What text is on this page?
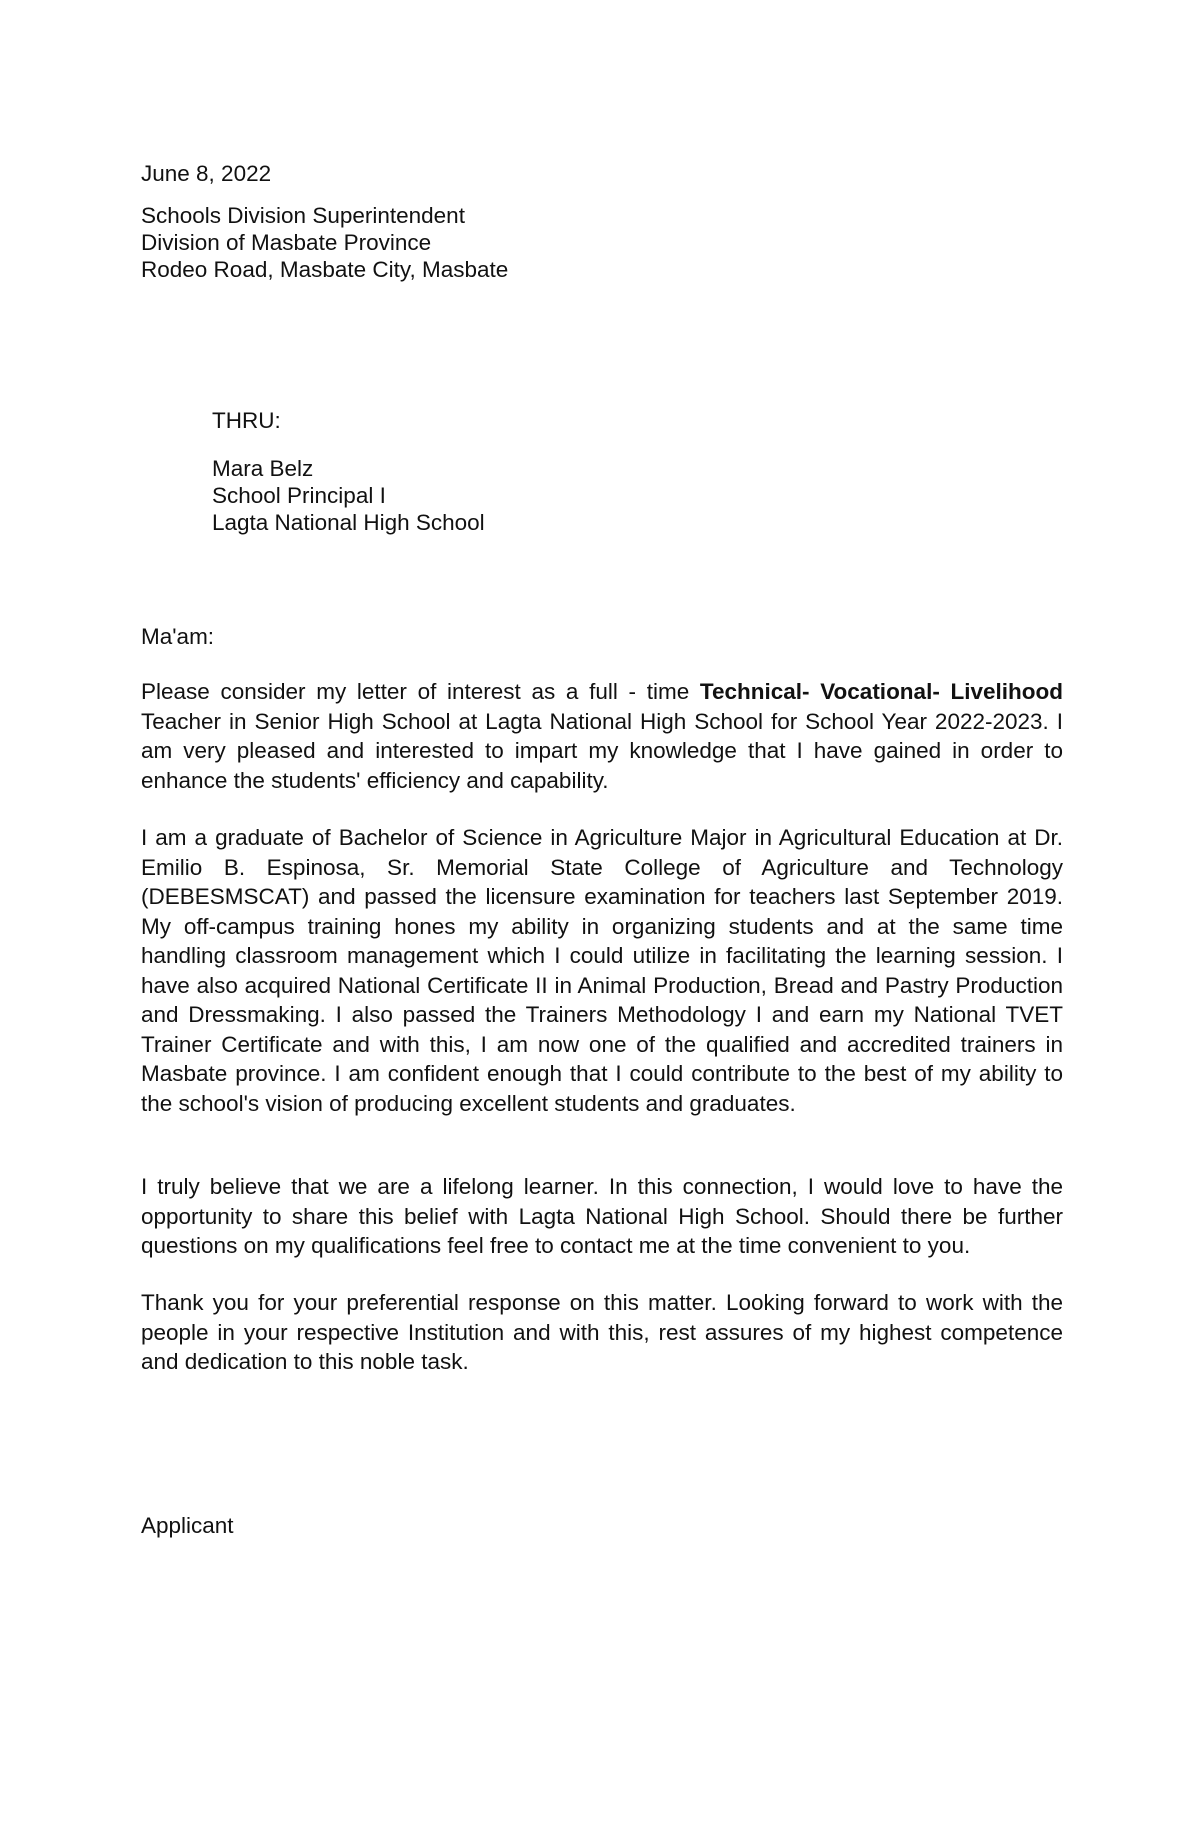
June 8, 2022
Schools Division Superintendent
Division of Masbate Province
Rodeo Road, Masbate City, Masbate
THRU:
Mara Belz
School Principal I
Lagta National High School
Ma'am:
Please consider my letter of interest as a full - time Technical- Vocational- Livelihood Teacher in Senior High School at Lagta National High School for School Year 2022-2023. I am very pleased and interested to impart my knowledge that I have gained in order to enhance the students' efficiency and capability.
I am a graduate of Bachelor of Science in Agriculture Major in Agricultural Education at Dr. Emilio B. Espinosa, Sr. Memorial State College of Agriculture and Technology (DEBESMSCAT) and passed the licensure examination for teachers last September 2019. My off-campus training hones my ability in organizing students and at the same time handling classroom management which I could utilize in facilitating the learning session. I have also acquired National Certificate II in Animal Production, Bread and Pastry Production and Dressmaking. I also passed the Trainers Methodology I and earn my National TVET Trainer Certificate and with this, I am now one of the qualified and accredited trainers in Masbate province. I am confident enough that I could contribute to the best of my ability to the school's vision of producing excellent students and graduates.
I truly believe that we are a lifelong learner. In this connection, I would love to have the opportunity to share this belief with Lagta National High School. Should there be further questions on my qualifications feel free to contact me at the time convenient to you.
Thank you for your preferential response on this matter. Looking forward to work with the people in your respective Institution and with this, rest assures of my highest competence and dedication to this noble task.
Applicant
